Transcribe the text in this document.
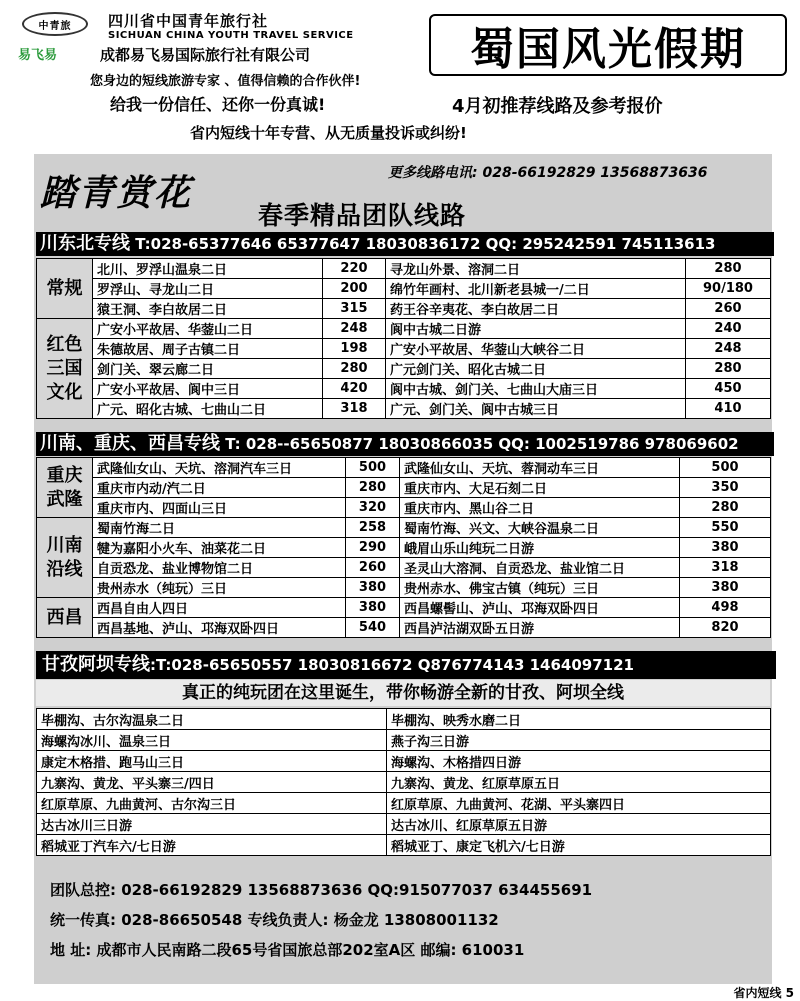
中青旅	四川省中国青年旅行社
SICHUAN CHINA YOUTH TRAVEL SERVICE
易飞易	成都易飞易国际旅行社有限公司
您身边的短线旅游专家 、值得信赖的合作伙伴!
给我一份信任、还你一份真诚!
蜀国风光假期
4月初推荐线路及参考报价
省内短线十年专营、从无质量投诉或纠纷!
踏青赏花	更多线路电讯: 028-66192829 13568873636
春季精品团队线路
川东北专线 T:028-65377646 65377647 18030836172 QQ: 295242591 745113613
常规	北川、罗浮山温泉二日	220	寻龙山外景、溶洞二日	280
	罗浮山、寻龙山二日	200	绵竹年画村、北川新老县城一/二日	90/180
	猿王洞、李白故居二日	315	药王谷辛夷花、李白故居二日	260
红色 三国 文化	广安小平故居、华蓥山二日	248	阆中古城二日游	240
	朱德故居、周子古镇二日	198	广安小平故居、华蓥山大峡谷二日	248
	剑门关、翠云廊二日	280	广元剑门关、昭化古城二日	280
	广安小平故居、阆中三日	420	阆中古城、剑门关、七曲山大庙三日	450
	广元、昭化古城、七曲山二日	318	广元、剑门关、阆中古城三日	410
川南、重庆、西昌专线 T: 028--65650877 18030866035 QQ: 1002519786 978069602
重庆 武隆	武隆仙女山、天坑、溶洞汽车三日	500	武隆仙女山、天坑、蓉洞动车三日	500
	重庆市内动/汽二日	280	重庆市内、大足石刻二日	350
	重庆市内、四面山三日	320	重庆市内、黑山谷二日	280
川南 沿线	蜀南竹海二日	258	蜀南竹海、兴文、大峡谷温泉二日	550
	犍为嘉阳小火车、油菜花二日	290	峨眉山乐山纯玩二日游	380
	自贡恐龙、盐业博物馆二日	260	圣灵山大溶洞、自贡恐龙、盐业馆二日	318
	贵州赤水（纯玩）三日	380	贵州赤水、佛宝古镇（纯玩）三日	380
西昌	西昌自由人四日	380	西昌螺髻山、泸山、邛海双卧四日	498
	西昌基地、泸山、邛海双卧四日	540	西昌泸沽湖双卧五日游	820
甘孜阿坝专线:T:028-65650557 18030816672 Q876774143 1464097121
真正的纯玩团在这里诞生，带你畅游全新的甘孜、阿坝全线
毕棚沟、古尔沟温泉二日	毕棚沟、映秀水磨二日
海螺沟冰川、温泉三日	燕子沟三日游
康定木格措、跑马山三日	海螺沟、木格措四日游
九寨沟、黄龙、平头寨三/四日	九寨沟、黄龙、红原草原五日
红原草原、九曲黄河、古尔沟三日	红原草原、九曲黄河、花湖、平头寨四日
达古冰川三日游	达古冰川、红原草原五日游
稻城亚丁汽车六/七日游	稻城亚丁、康定飞机六/七日游
团队总控: 028-66192829 13568873636 QQ:915077037 634455691
统一传真: 028-86650548 专线负责人: 杨金龙 13808001132
地 址: 成都市人民南路二段65号省国旅总部202室A区 邮编: 610031
省内短线 5
